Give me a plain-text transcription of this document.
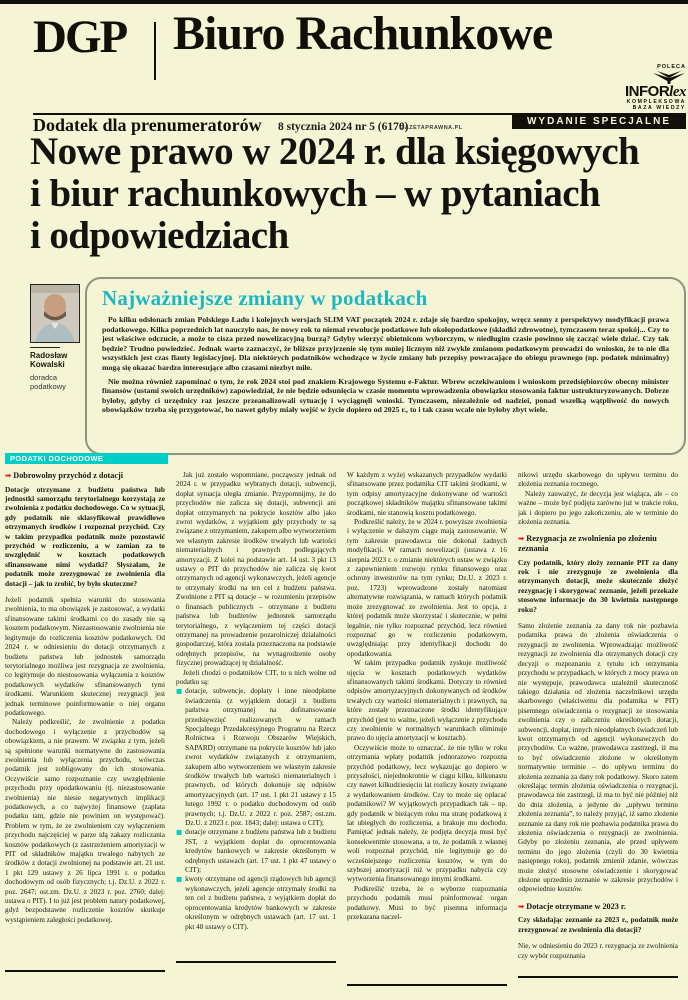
DGP Biuro Rachunkowe
Dodatek dla prenumeratorów 8 stycznia 2024 nr 5 (6170)
GAZETAPRAWNA.PL
POLECA
INFORlex
KOMPLEKSOWA
BAZA WIEDZY
WYDANIE SPECJALNE
Nowe prawo w 2024 r. dla księgowych
i biur rachunkowych – w pytaniach
i odpowiedziach
Radosław
Kowalski
doradca
podatkowy
Najważniejsze zmiany w podatkach

Po kilku odsłonach zmian Polskiego Ładu i kolejnych wersjach SLIM VAT początek 2024 r. zdaje się bardzo spokojny, wręcz senny z perspektywy modyfikacji prawa podatkowego. Kilka poprzednich lat nauczyło nas, że nowy rok to niemal rewolucje podatkowe lub okołopodatkowe (składki zdrowotne), tymczasem teraz spokój... Czy to jest właściwe odczucie, a może to cisza przed nowelizacyjną burzą? Gdyby wierzyć obietnicom wyborczym, w niedługim czasie powinno się zacząć wiele dziać. Czy tak będzie? Trudno powiedzieć. Jednak warto zaznaczyć, że bliższe przyjrzenie się tym mniej licznym niż zwykle zmianom podatkowym prowadzi do wniosku, że to nie dla wszystkich jest czas flauty legislacyjnej. Dla niektórych podatników wchodzące w życie zmiany lub przepisy powracające do obiegu prawnego (np. podatek minimalny) mogą się okazać bardzo interesujące albo czasami niezbyt miłe.

Nie można również zapominać o tym, że rok 2024 stoi pod znakiem Krajowego Systemu e-Faktur. Wbrew oczekiwaniom i wnioskom przedsiębiorców obecny minister finansów (ustami swoich urzędników) zapowiedział, że nie będzie odsunięcia w czasie momentu wprowadzenia obowiązku stosowania faktur ustrukturyzowanych. Dobrze byłoby, gdyby ci urzędnicy raz jeszcze przeanalizowali sytuację i wyciągnęli wnioski. Tymczasem, niezależnie od nadziei, ponad wszelką wątpliwość do nowych obowiązków trzeba się przygotować, bo nawet gdyby miały wejść w życie dopiero od 2025 r., to i tak czasu wcale nie byłoby zbyt wiele.

PODATKI DOCHODOWE
➡ Dobrowolny przychód z dotacji

Dotacje otrzymane z budżetu państwa lub jednostki samorządu terytorialnego korzystają ze zwolnienia z podatku dochodowego. Co w sytuacji, gdy podatnik nie sklasyfikował prawidłowo otrzymanych środków i rozpoznał przychód. Czy w takim przypadku podatnik może pozostawić przychód w rozliczeniu, a w zamian za to uwzględnić w kosztach podatkowych sfinansowane nimi wydatki? Słyszałam, że podatnik może zrezygnować ze zwolnienia dla dotacji – jak to zrobić, by było skuteczne?

Jeżeli podatnik spełnia warunki do stosowania zwolnienia, to ma obowiązek je zastosować, a wydatki sfinansowane takimi środkami co do zasady nie są kosztem podatkowym. Niezastosowanie zwolnienia nie legitymuje do rozliczenia kosztów podatkowych. Od 2024 r. w odniesieniu do dotacji otrzymanych z budżetu państwa lub jednostek samorządu terytorialnego możliwa jest rezygnacja ze zwolnienia, co legitymuje do niestosowania wyłączenia z kosztów podatkowych wydatków sfinansowanych tymi środkami. Warunkiem skutecznej rezygnacji jest jednak terminowe poinformowanie o niej organu podatkowego.

Należy podkreślić, że zwolnienie z podatku dochodowego i wyłączenie z przychodów są obowiązkiem, a nie prawem. W związku z tym, jeżeli są spełnione warunki normatywne do zastosowania zwolnienia lub wyłączenia przychodu, wówczas podatnik jest zobligowany do ich stosowania. Oczywiście samo rozpoznanie czy uwzględnienie przychodu przy opodatkowaniu (tj. niezastosowanie zwolnienia) nie niesie negatywnych implikacji podatkowych, a co najwyżej finansowe (zapłata podatku tam, gdzie nie powinien on występować). Problem w tym, że ze zwolnieniem czy wyłączeniem przychodu najczęściej w parze idą zakazy rozliczania kosztów podatkowych (z zastrzeżeniem amortyzacji w PIT od składników majątku trwałego nabytych ze środków z dotacji zwolnionej na podstawie art. 21 ust. 1 pkt 129 ustawy z 26 lipca 1991 r. o podatku dochodowym od osób fizycznych; t.j. Dz.U. z 2022 r. poz. 2647; ost.zm. Dz.U. z 2023 r. poz. 2760; dalej: ustawa o PIT). I to już jest problem natury podatkowej, gdyż bezpodstawne rozliczenie kosztów skutkuje wystąpieniem zaległości podatkowej.

Jak już zostało wspomniane, począwszy jednak od 2024 r. w przypadku wybranych dotacji, subwencji, dopłat sytuacja uległa zmianie. Przypomnijmy, że do przychodów nie zalicza się dotacji, subwencji ani dopłat otrzymanych na pokrycie kosztów albo jako zwrot wydatków, z wyjątkiem gdy przychody te są związane z otrzymaniem, zakupem albo wytworzeniem we własnym zakresie środków trwałych lub wartości niematerialnych i prawnych podlegających amortyzacji. Z kolei na podstawie art. 14 ust. 3 pkt 13 ustawy o PIT do przychodów nie zalicza się kwot otrzymanych od agencji wykonawczych, jeżeli agencje te otrzymały środki na ten cel z budżetu państwa. Zwolnione z PIT są dotacje – w rozumieniu przepisów o finansach publicznych – otrzymane z budżetu państwa lub budżetów jednostek samorządu terytorialnego, z wyłączeniem tej części dotacji otrzymanej na prowadzenie pozarolniczej działalności gospodarczej, która została przeznaczona na podstawie odrębnych przepisów, na wynagrodzenie osoby fizycznej prowadzącej tę działalność.

Jeżeli chodzi o podatników CIT, to u nich wolne od podatku są:

■ dotacje, subwencje, dopłaty i inne nieodpłatne świadczenia (z wyjątkiem dotacji z budżetu państwa otrzymanej na dofinansowanie przedsięwzięć realizowanych w ramach Specjalnego Przedakcesyjnego Programu na Rzecz Rolnictwa i Rozwoju Obszarów Wiejskich, SAPARD) otrzymane na pokrycie kosztów lub jako zwrot wydatków związanych z otrzymaniem, zakupem albo wytworzeniem we własnym zakresie środków trwałych lub wartości niematerialnych i prawnych, od których dokonuje się odpisów amortyzacyjnych (art. 17 ust. 1 pkt 21 ustawy z 15 lutego 1992 r. o podatku dochodowym od osób prawnych; t.j. Dz.U. z 2022 r. poz. 2587; ost.zm. Dz.U. z 2023 r. poz. 1843; dalej: ustawa o CIT);
■ dotacje otrzymane z budżetu państwa lub z budżetu JST, z wyjątkiem dopłat do oprocentowania kredytów bankowych w zakresie określonym w odrębnych ustawach (art. 17 ust. 1 pkt 47 ustawy o CIT);
■ kwoty otrzymane od agencji rządowych lub agencji wykonawczych, jeżeli agencje otrzymały środki na ten cel z budżetu państwa, z wyjątkiem dopłat do oprocentowania kredytów bankowych w zakresie określonym w odrębnych ustawach (art. 17 ust. 1 pkt 48 ustawy o CIT).

W każdym z wyżej wskazanych przypadków wydatki sfinansowane przez podatnika CIT takimi środkami, w tym odpisy amortyzacyjne dokonywane od wartości początkowej składników majątku sfinansowane takimi środkami, nie stanowią kosztu podatkowego.

Podkreślić należy, że w 2024 r. powyższe zwolnienia i wyłączenie w dalszym ciągu mają zastosowanie. W tym zakresie prawodawca nie dokonał żadnych modyfikacji. W ramach nowelizacji (ustawa z 16 sierpnia 2023 r. o zmianie niektórych ustaw w związku z zapewnieniem rozwoju rynku finansowego oraz ochrony inwestorów na tym rynku; Dz.U. z 2023 r. poz. 1723) wprowadzone zostały natomiast alternatywne rozwiązania, w ramach których podatnik może zrezygnować ze zwolnienia. Jest to opcja, z której podatnik może skorzystać i skutecznie, w pełni legalnie, nie tylko rozpoznać przychód, lecz również rozpoznać go w rozliczeniu podatkowym, uwzględniając przy identyfikacji dochodu do opodatkowania.

W takim przypadku podatnik zyskuje możliwość ujęcia w kosztach podatkowych wydatków sfinansowanych takimi środkami. Dotyczy to również odpisów amortyzacyjnych dokonywanych od środków trwałych czy wartości niematerialnych i prawnych, na które zostały przeznaczone środki identyfikujące przychód (jest to ważne, jeżeli wyłączenie z przychodu czy zwolnienie w normalnych warunkach eliminuje prawo do ujęcia amortyzacji w kosztach).

Oczywiście może to oznaczać, że nie tylko w roku otrzymania wpłaty podatnik jednorazowo rozpozna przychód podatkowy, lecz wykazując go dopiero w przyszłości, niejednokrotnie w ciągu kilku, kilkunastu czy nawet kilkudziesięciu lat rozliczy koszty związane z wydatkowaniem środków. Czy to może się opłacać podatnikowi? W wyjątkowych przypadkach tak – np. gdy podatnik w bieżącym roku ma stratę podatkową z lat ubiegłych do rozliczenia, a brakuje mu dochodu. Pamiętać jednak należy, że podjęta decyzja musi być konsekwentnie stosowana, a to, że podatnik z własnej woli rozpoznał przychód, nie legitymuje go do wcześniejszego rozliczenia kosztów, w tym do szybszej amortyzacji niż w przypadku nabycia czy wytworzenia finansowanego innymi środkami.

Podkreślić trzeba, że o wyborze rozpoznania przychodu podatnik musi poinformować organ podatkowy. Musi to być pisemna informacja przekazana naczel-

nikowi urzędu skarbowego do upływu terminu do złożenia zeznania rocznego.

Należy zauważyć, że decyzja jest wiążąca, ale – co ważne – może być podjęta zarówno już w trakcie roku, jak i dopiero po jego zakończeniu, ale w terminie do złożenia zeznania.

➡ Rezygnacja ze zwolnienia po złożeniu zeznania

Czy podatnik, który złoży zeznanie PIT za dany rok i nie zrezygnuje ze zwolnienia dla otrzymanych dotacji, może skutecznie złożyć rezygnację i skorygować zeznanie, jeżeli przekaże stosowne informacje do 30 kwietnia następnego roku?

Samo złożenie zeznania za dany rok nie pozbawia podatnika prawa do złożenia oświadczenia o rezygnacji ze zwolnienia. Wprowadzając możliwość rezygnacji ze zwolnienia dla otrzymanych dotacji czy decyzji o rozpoznaniu z tytułu ich otrzymania przychodu w przypadkach, w których z mocy prawa on nie występuje, prawodawca uzależnił skuteczność takiego działania od złożenia naczelnikowi urzędu skarbowego (właściwemu dla podatnika w PIT) pisemnego oświadczenia o rezygnacji ze stosowania zwolnienia czy o zaliczeniu określonych dotacji, subwencji, dopłat, innych nieodpłatnych świadczeń lub kwot otrzymanych od agencji wykonawczych do przychodów. Co ważne, prawodawca zastrzegł, iż ma to być oświadczenie złożone w określonym normatywnie terminie – do upływu terminu do złożenia zeznania za dany rok podatkowy. Skoro zatem określając termin złożenia oświadczenia o rezygnacji, prawodawca nie zastrzegł, iż ma to być nie później niż do dnia złożenia, a jedynie do „upływu terminu złożenia zeznania”, to należy przyjąć, iż samo złożenie zeznanie za dany rok nie pozbawia podatnika prawa do złożenia oświadczenia o rezygnacji ze zwolnienia. Gdyby po złożeniu zeznania, ale przed upływem terminu do jego złożenia (czyli do 30 kwietnia następnego roku), podatnik zmienił zdanie, wówczas może złożyć stosowne oświadczenie i skorygować złożone uprzednio zeznanie w zakresie przychodów i odpowiednio kosztów.

➡ Dotacje otrzymane w 2023 r.

Czy składając zeznanie za 2023 r., podatnik może zrezygnować ze zwolnienia dla dotacji?

Nie, w odniesieniu do 2023 r. rezygnacja ze zwolnienia czy wybór rozpoznania
